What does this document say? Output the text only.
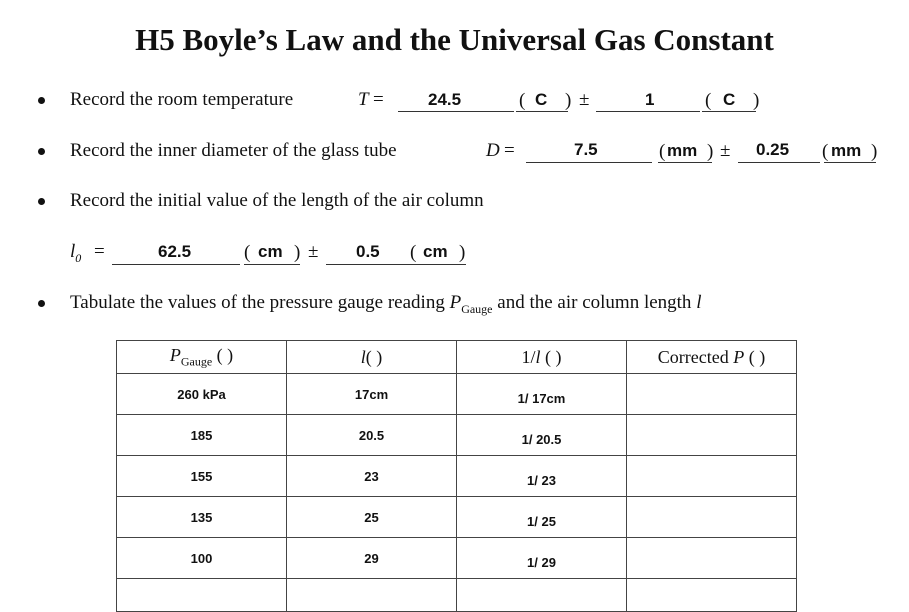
H5 Boyle’s Law and the Universal Gas Constant
Record the room temperature	T =	24.5	( C ) ±	1	( C )
Record the inner diameter of the glass tube	D =	7.5	( mm ) ± 0.25 ( mm )
Record the initial value of the length of the air column
$l_0$ =	62.5	( cm ) ± 0.5 ( cm )
Tabulate the values of the pressure gauge reading $P_{Gauge}$ and the air column length l
$P_{Gauge}$ ( )	l( )	1/l ( )	Corrected P ( )
260 kPa	17cm	1/ 17cm	
185	20.5	1/ 20.5	
155	23	1/ 23	
135	25	1/ 25	
100	29	1/ 29	
